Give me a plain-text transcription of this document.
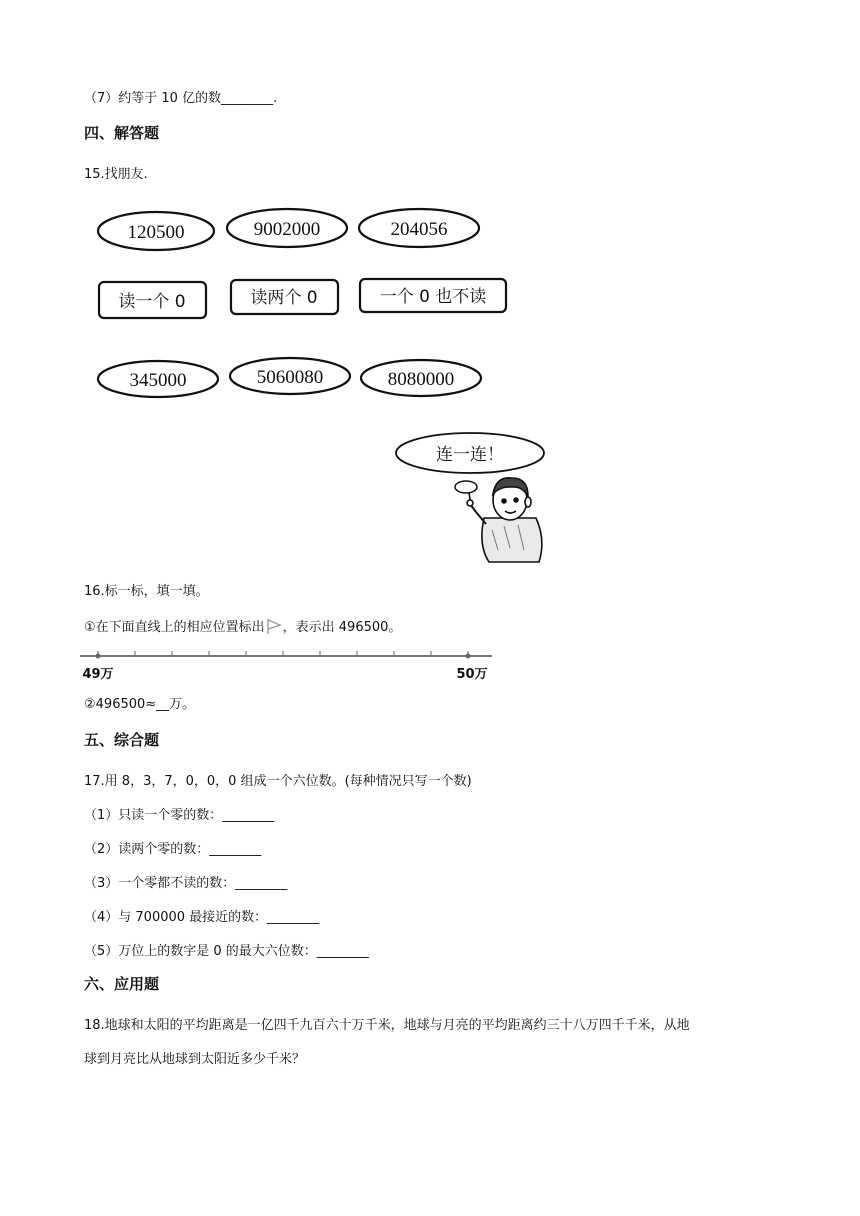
（7）约等于 10 亿的数________.
四、解答题
15.找朋友.
120500	9002000	204056
读一个 0	读两个 0	一个 0 也不读
345000	5060080	8080000
连一连！
16.标一标，填一填。
①在下面直线上的相应位置标出 ，表示出 496500。
49万	50万
②496500≈__万。
五、综合题
17.用 8，3，7，0，0，0 组成一个六位数。(每种情况只写一个数)
（1）只读一个零的数：________
（2）读两个零的数：________
（3）一个零都不读的数：________
（4）与 700000 最接近的数：________
（5）万位上的数字是 0 的最大六位数：________
六、应用题
18.地球和太阳的平均距离是一亿四千九百六十万千米，地球与月亮的平均距离约三十八万四千千米，从地
球到月亮比从地球到太阳近多少千米？
